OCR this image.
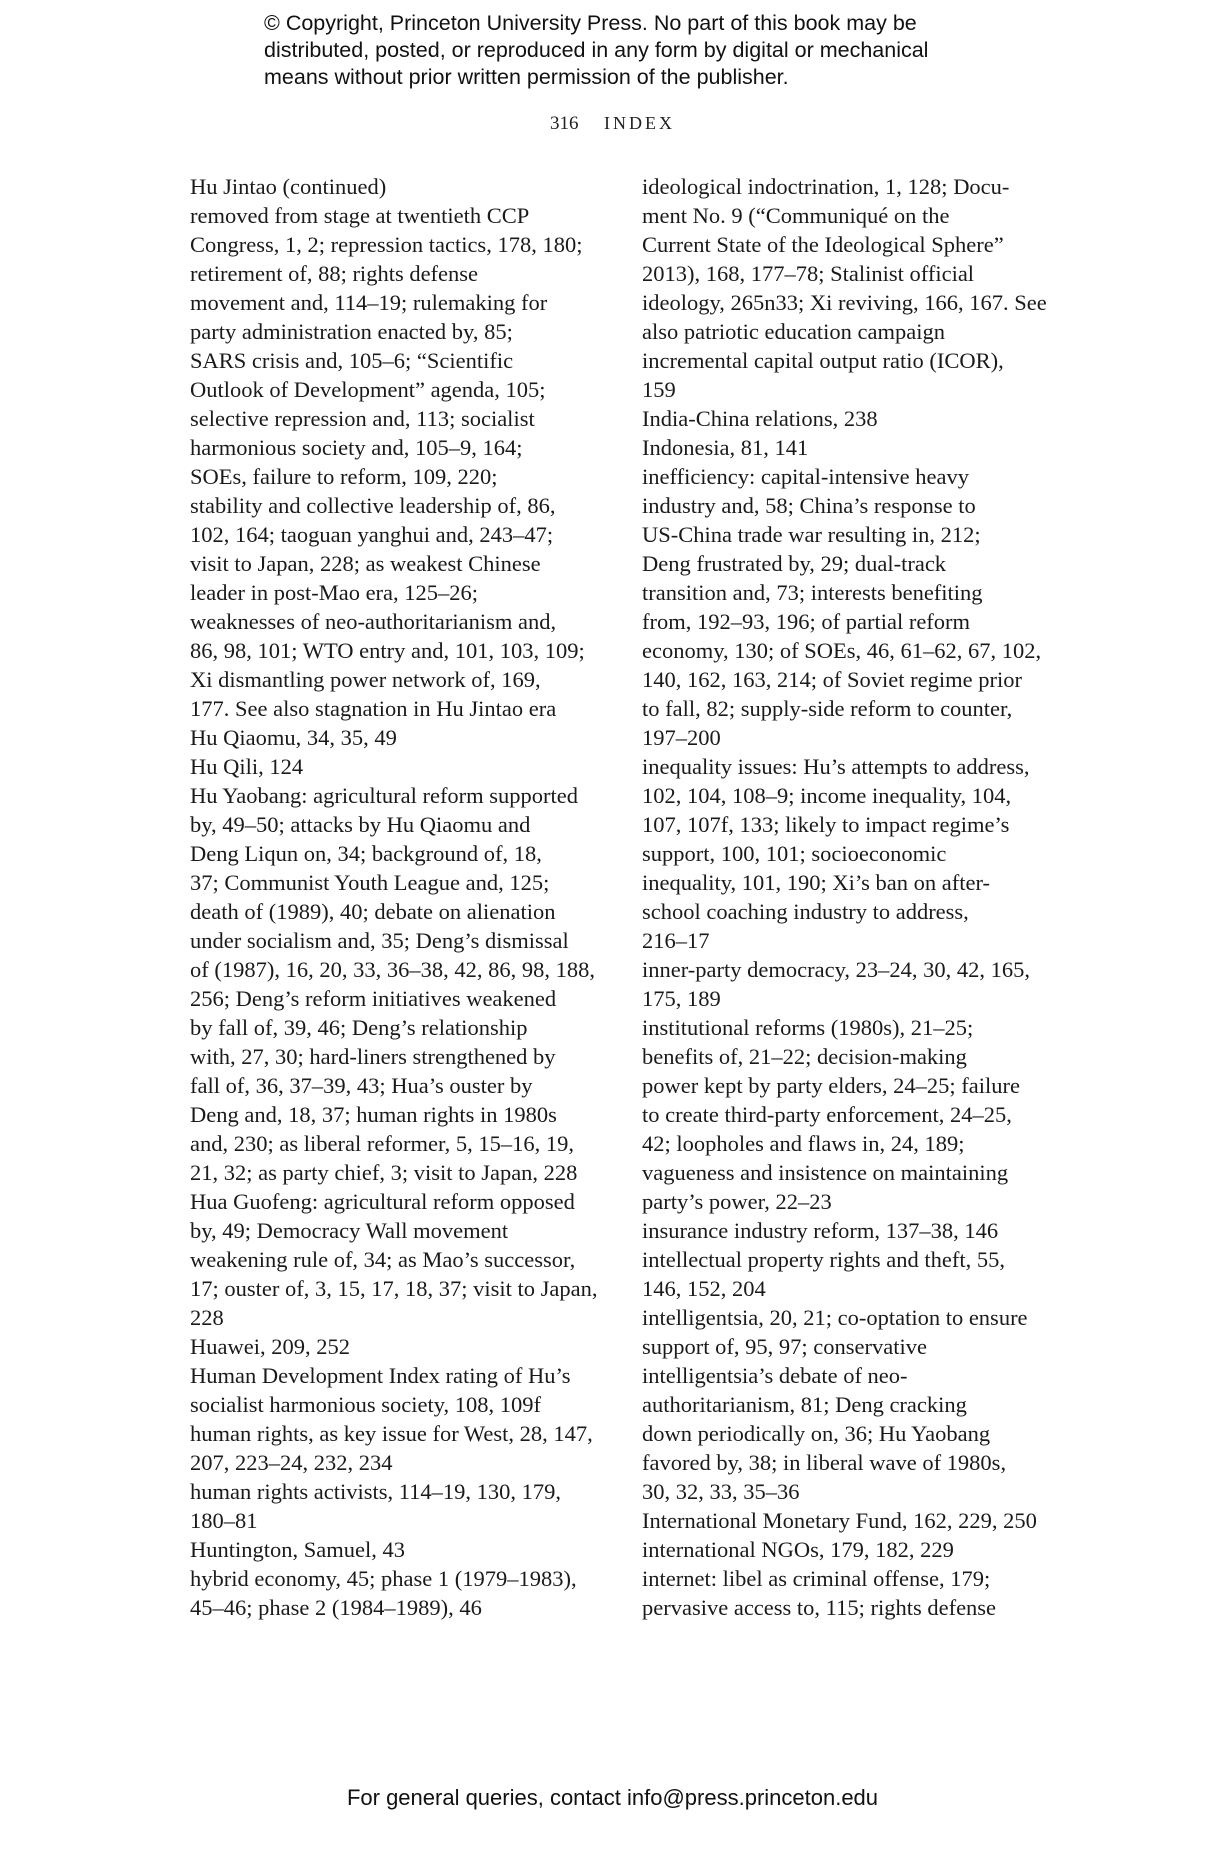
© Copyright, Princeton University Press. No part of this book may be
distributed, posted, or reproduced in any form by digital or mechanical
means without prior written permission of the publisher.
316 INDEX
Hu Jintao (continued)
removed from stage at twentieth CCP
Congress, 1, 2; repression tactics, 178, 180;
retirement of, 88; rights defense
movement and, 114–19; rulemaking for
party administration enacted by, 85;
SARS crisis and, 105–6; “Scientific
Outlook of Development” agenda, 105;
selective repression and, 113; socialist
harmonious society and, 105–9, 164;
SOEs, failure to reform, 109, 220;
stability and collective leadership of, 86,
102, 164; taoguan yanghui and, 243–47;
visit to Japan, 228; as weakest Chinese
leader in post-Mao era, 125–26;
weaknesses of neo-authoritarianism and,
86, 98, 101; WTO entry and, 101, 103, 109;
Xi dismantling power network of, 169,
177. See also stagnation in Hu Jintao era
Hu Qiaomu, 34, 35, 49
Hu Qili, 124
Hu Yaobang: agricultural reform supported
by, 49–50; attacks by Hu Qiaomu and
Deng Liqun on, 34; background of, 18,
37; Communist Youth League and, 125;
death of (1989), 40; debate on alienation
under socialism and, 35; Deng’s dismissal
of (1987), 16, 20, 33, 36–38, 42, 86, 98, 188,
256; Deng’s reform initiatives weakened
by fall of, 39, 46; Deng’s relationship
with, 27, 30; hard-liners strengthened by
fall of, 36, 37–39, 43; Hua’s ouster by
Deng and, 18, 37; human rights in 1980s
and, 230; as liberal reformer, 5, 15–16, 19,
21, 32; as party chief, 3; visit to Japan, 228
Hua Guofeng: agricultural reform opposed
by, 49; Democracy Wall movement
weakening rule of, 34; as Mao’s successor,
17; ouster of, 3, 15, 17, 18, 37; visit to Japan,
228
Huawei, 209, 252
Human Development Index rating of Hu’s
socialist harmonious society, 108, 109f
human rights, as key issue for West, 28, 147,
207, 223–24, 232, 234
human rights activists, 114–19, 130, 179,
180–81
Huntington, Samuel, 43
hybrid economy, 45; phase 1 (1979–1983),
45–46; phase 2 (1984–1989), 46
ideological indoctrination, 1, 128; Docu-
ment No. 9 (“Communiqué on the
Current State of the Ideological Sphere”
2013), 168, 177–78; Stalinist official
ideology, 265n33; Xi reviving, 166, 167. See
also patriotic education campaign
incremental capital output ratio (ICOR),
159
India-China relations, 238
Indonesia, 81, 141
inefficiency: capital-intensive heavy
industry and, 58; China’s response to
US-China trade war resulting in, 212;
Deng frustrated by, 29; dual-track
transition and, 73; interests benefiting
from, 192–93, 196; of partial reform
economy, 130; of SOEs, 46, 61–62, 67, 102,
140, 162, 163, 214; of Soviet regime prior
to fall, 82; supply-side reform to counter,
197–200
inequality issues: Hu’s attempts to address,
102, 104, 108–9; income inequality, 104,
107, 107f, 133; likely to impact regime’s
support, 100, 101; socioeconomic
inequality, 101, 190; Xi’s ban on after-
school coaching industry to address,
216–17
inner-party democracy, 23–24, 30, 42, 165,
175, 189
institutional reforms (1980s), 21–25;
benefits of, 21–22; decision-making
power kept by party elders, 24–25; failure
to create third-party enforcement, 24–25,
42; loopholes and flaws in, 24, 189;
vagueness and insistence on maintaining
party’s power, 22–23
insurance industry reform, 137–38, 146
intellectual property rights and theft, 55,
146, 152, 204
intelligentsia, 20, 21; co-optation to ensure
support of, 95, 97; conservative
intelligentsia’s debate of neo-
authoritarianism, 81; Deng cracking
down periodically on, 36; Hu Yaobang
favored by, 38; in liberal wave of 1980s,
30, 32, 33, 35–36
International Monetary Fund, 162, 229, 250
international NGOs, 179, 182, 229
internet: libel as criminal offense, 179;
pervasive access to, 115; rights defense
For general queries, contact info@press.princeton.edu
